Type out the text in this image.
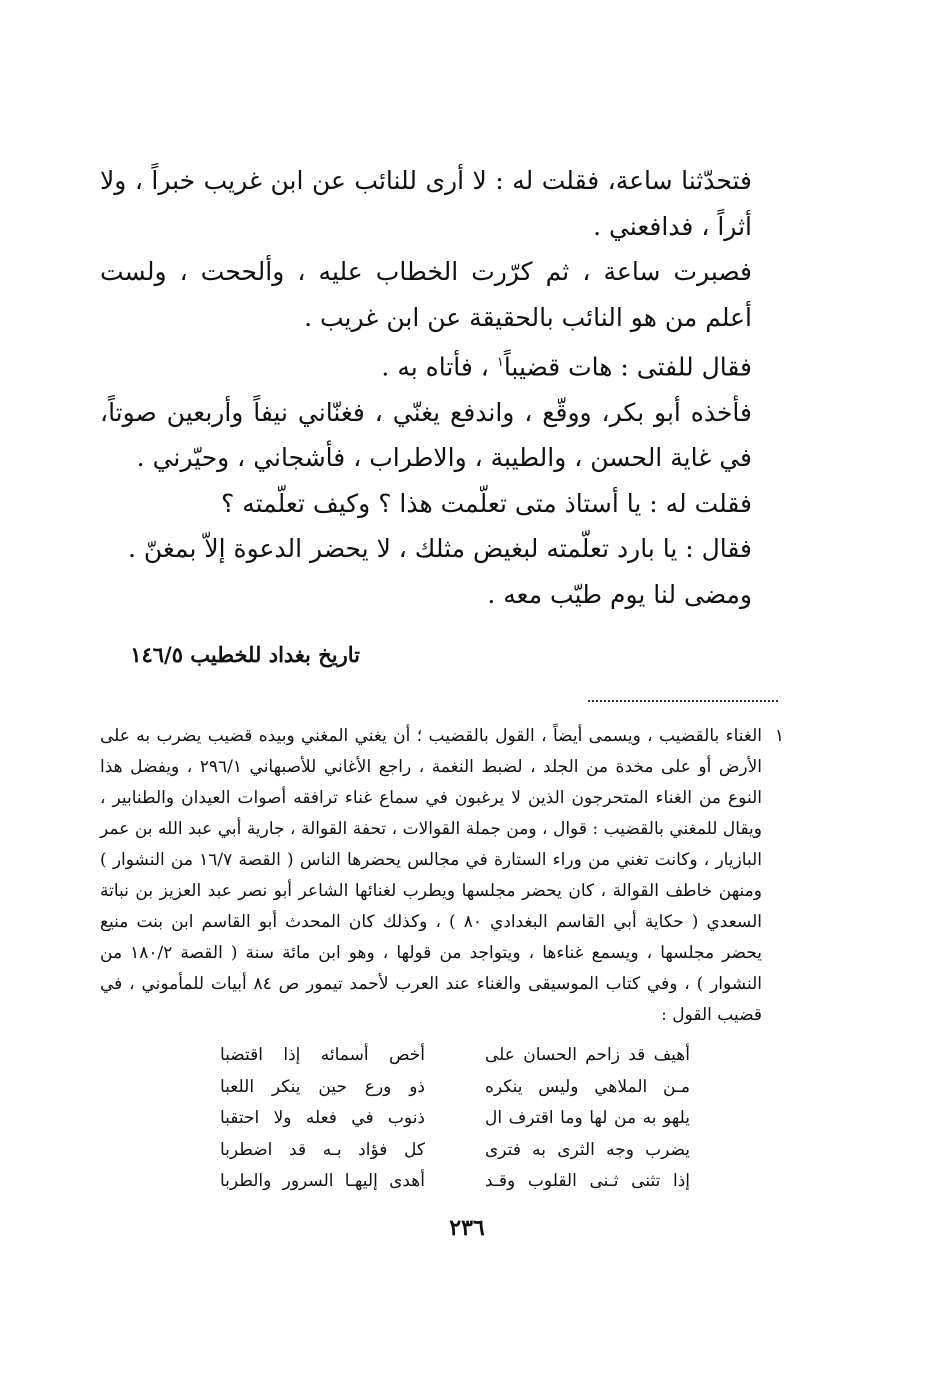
فتحدّثنا ساعة، فقلت له : لا أرى للنائب عن ابن غريب خبراً ، ولا أثراً ، فدافعني .

فصبرت ساعة ، ثم كرّرت الخطاب عليه ، وألححت ، ولست أعلم من هو النائب بالحقيقة عن ابن غريب .

فقال للفتى : هات قضيباً$^١$ ، فأتاه به .

فأخذه أبو بكر، ووقّع ، واندفع يغنّي ، فغنّاني نيفاً وأربعين صوتاً، في غاية الحسن ، والطيبة ، والاطراب ، فأشجاني ، وحيّرني .

فقلت له : يا أستاذ متى تعلّمت هذا ؟ وكيف تعلّمته ؟

فقال : يا بارد تعلّمته لبغيض مثلك ، لا يحضر الدعوة إلاّ بمغنّ .

ومضى لنا يوم طيّب معه .

تاريخ بغداد للخطيب ١٤٦/٥
١
الغناء بالقضيب ، ويسمى أيضاً ، القول بالقضيب ؛ أن يغني المغني وبيده قضيب يضرب به على الأرض أو على مخدة من الجلد ، لضبط النغمة ، راجع الأغاني للأصبهاني ٢٩٦/١ ، ويفضل هذا النوع من الغناء المتحرجون الذين لا يرغبون في سماع غناء ترافقه أصوات العيدان والطنابير ، ويقال للمغني بالقضيب : قوال ، ومن جملة القوالات ، تحفة القوالة ، جارية أبي عبد الله بن عمر البازيار ، وكانت تغني من وراء الستارة في مجالس يحضرها الناس ( القصة ١٦/٧ من النشوار ) ومنهن خاطف القوالة ، كان يحضر مجلسها ويطرب لغنائها الشاعر أبو نصر عبد العزيز بن نباتة السعدي ( حكاية أبي القاسم البغدادي ٨٠ ) ، وكذلك كان المحدث أبو القاسم ابن بنت منيع يحضر مجلسها ، ويسمع غناءها ، ويتواجد من قولها ، وهو ابن مائة سنة ( القصة ١٨٠/٢ من النشوار ) ، وفي كتاب الموسيقى والغناء عند العرب لأحمد تيمور ص ٨٤ أبيات للمأموني ، في قضيب القول :
أهيف قد زاحم الحسان على
أخص أسمائه إذا اقتضبا
مـن الملاهي وليس ينكره
ذو ورع حين ينكر اللعبا
يلهو به من لها وما اقترف ال
ذنوب في فعله ولا احتقبا
يضرب وجه الثرى به فترى
كل فؤاد بـه قد اضطربا
إذا تثنى ثـنى القلوب وقـد
أهدى إليهـا السرور والطربا
٢٣٦
